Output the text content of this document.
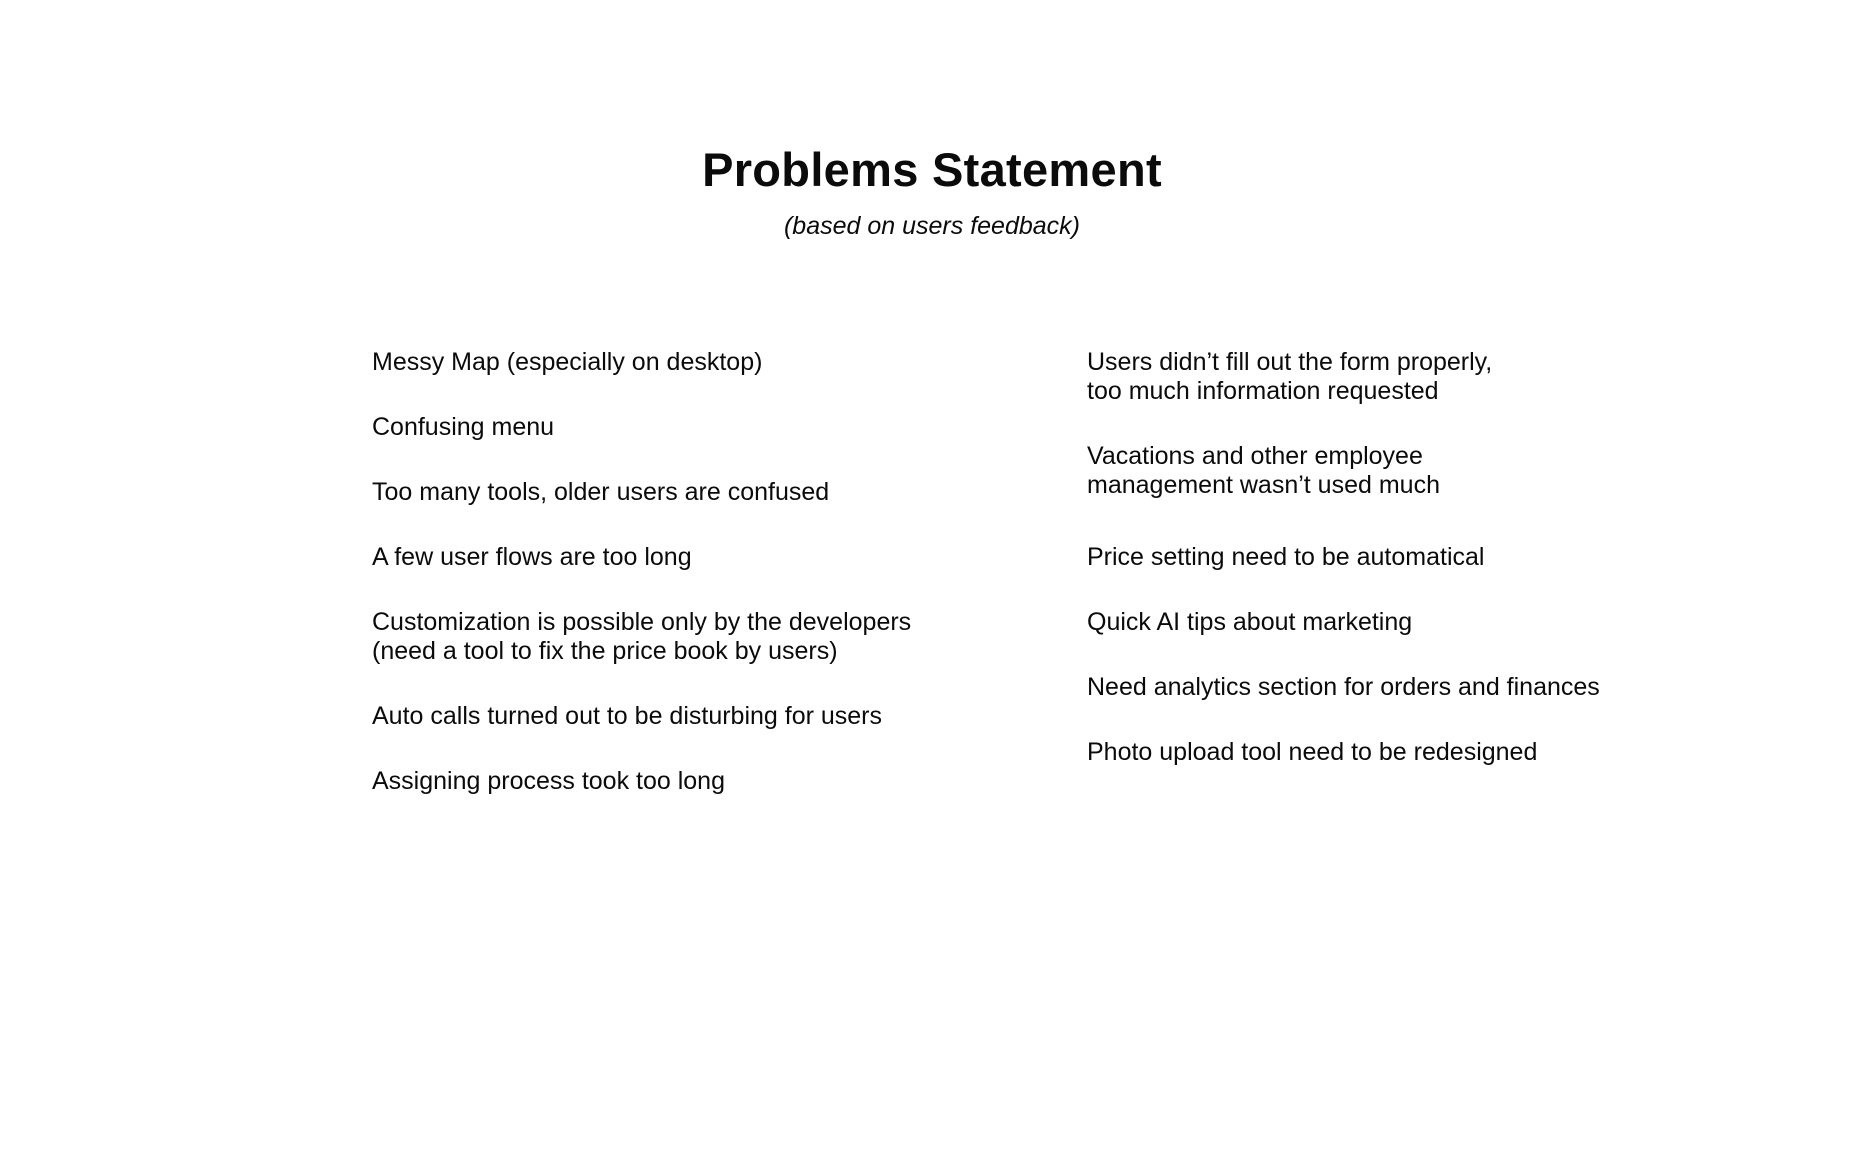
Problems Statement

(based on users feedback)

Messy Map (especially on desktop)
Confusing menu
Too many tools, older users are confused
A few user flows are too long
Customization is possible only by the developers
(need a tool to fix the price book by users)
Auto calls turned out to be disturbing for users
Assigning process took too long
Users didn’t fill out the form properly,
too much information requested
Vacations and other employee
management wasn’t used much
Price setting need to be automatical
Quick AI tips about marketing
Need analytics section for orders and finances
Photo upload tool need to be redesigned
